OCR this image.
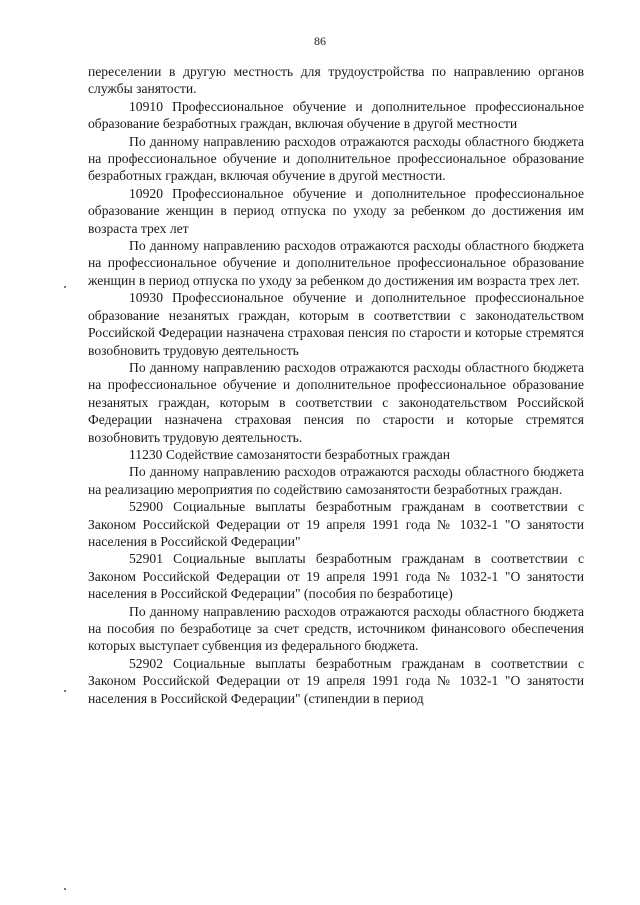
86

переселении в другую местность для трудоустройства по направлению органов службы занятости.

10910 Профессиональное обучение и дополнительное профессиональное образование безработных граждан, включая обучение в другой местности

По данному направлению расходов отражаются расходы областного бюджета на профессиональное обучение и дополнительное профессиональное образование безработных граждан, включая обучение в другой местности.

10920 Профессиональное обучение и дополнительное профессиональное образование женщин в период отпуска по уходу за ребенком до достижения им возраста трех лет

По данному направлению расходов отражаются расходы областного бюджета на профессиональное обучение и дополнительное профессиональное образование женщин в период отпуска по уходу за ребенком до достижения им возраста трех лет.

10930 Профессиональное обучение и дополнительное профессиональное образование незанятых граждан, которым в соответствии с законодательством Российской Федерации назначена страховая пенсия по старости и которые стремятся возобновить трудовую деятельность

По данному направлению расходов отражаются расходы областного бюджета на профессиональное обучение и дополнительное профессиональное образование незанятых граждан, которым в соответствии с законодательством Российской Федерации назначена страховая пенсия по старости и которые стремятся возобновить трудовую деятельность.

11230 Содействие самозанятости безработных граждан

По данному направлению расходов отражаются расходы областного бюджета на реализацию мероприятия по содействию самозанятости безработных граждан.

52900 Социальные выплаты безработным гражданам в соответствии с Законом Российской Федерации от 19 апреля 1991 года № 1032-1 "О занятости населения в Российской Федерации"

52901 Социальные выплаты безработным гражданам в соответствии с Законом Российской Федерации от 19 апреля 1991 года № 1032-1 "О занятости населения в Российской Федерации" (пособия по безработице)

По данному направлению расходов отражаются расходы областного бюджета на пособия по безработице за счет средств, источником финансового обеспечения которых выступает субвенция из федерального бюджета.

52902 Социальные выплаты безработным гражданам в соответствии с Законом Российской Федерации от 19 апреля 1991 года № 1032-1 "О занятости населения в Российской Федерации" (стипендии в период
